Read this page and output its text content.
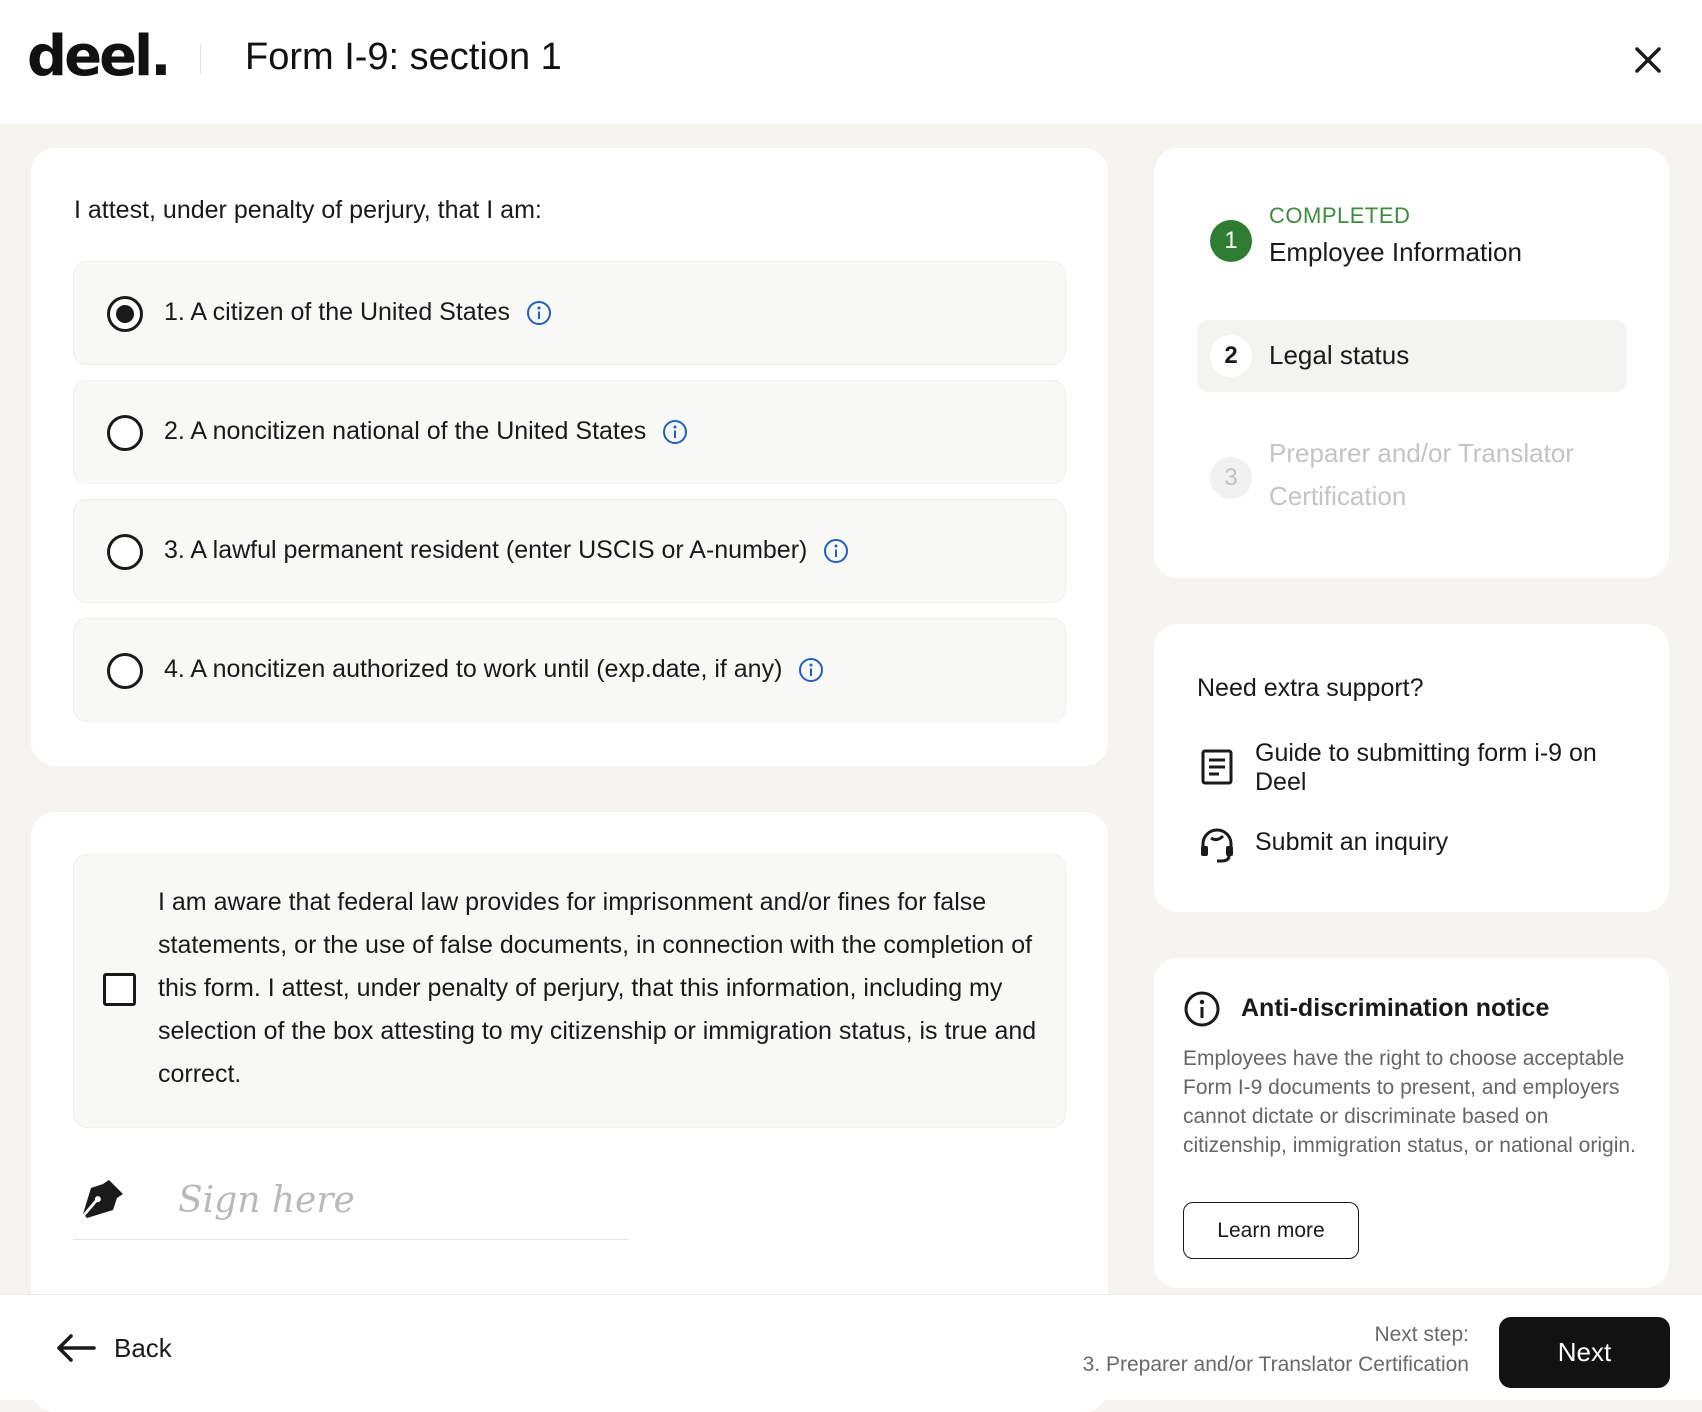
deel. Form I-9: section 1
I attest, under penalty of perjury, that I am:
1. A citizen of the United States
2. A noncitizen national of the United States
3. A lawful permanent resident (enter USCIS or A-number)
4. A noncitizen authorized to work until (exp.date, if any)
I am aware that federal law provides for imprisonment and/or fines for false statements, or the use of false documents, in connection with the completion of this form. I attest, under penalty of perjury, that this information, including my selection of the box attesting to my citizenship or immigration status, is true and correct.
Sign here
1
COMPLETED
Employee Information
2	Legal status
3
Preparer and/or Translator Certification
Need extra support?
Guide to submitting form i-9 on Deel
Submit an inquiry
Anti-discrimination notice
Employees have the right to choose acceptable Form I-9 documents to present, and employers cannot dictate or discriminate based on citizenship, immigration status, or national origin.
Learn more
Back	Next step:
3. Preparer and/or Translator Certification	Next
